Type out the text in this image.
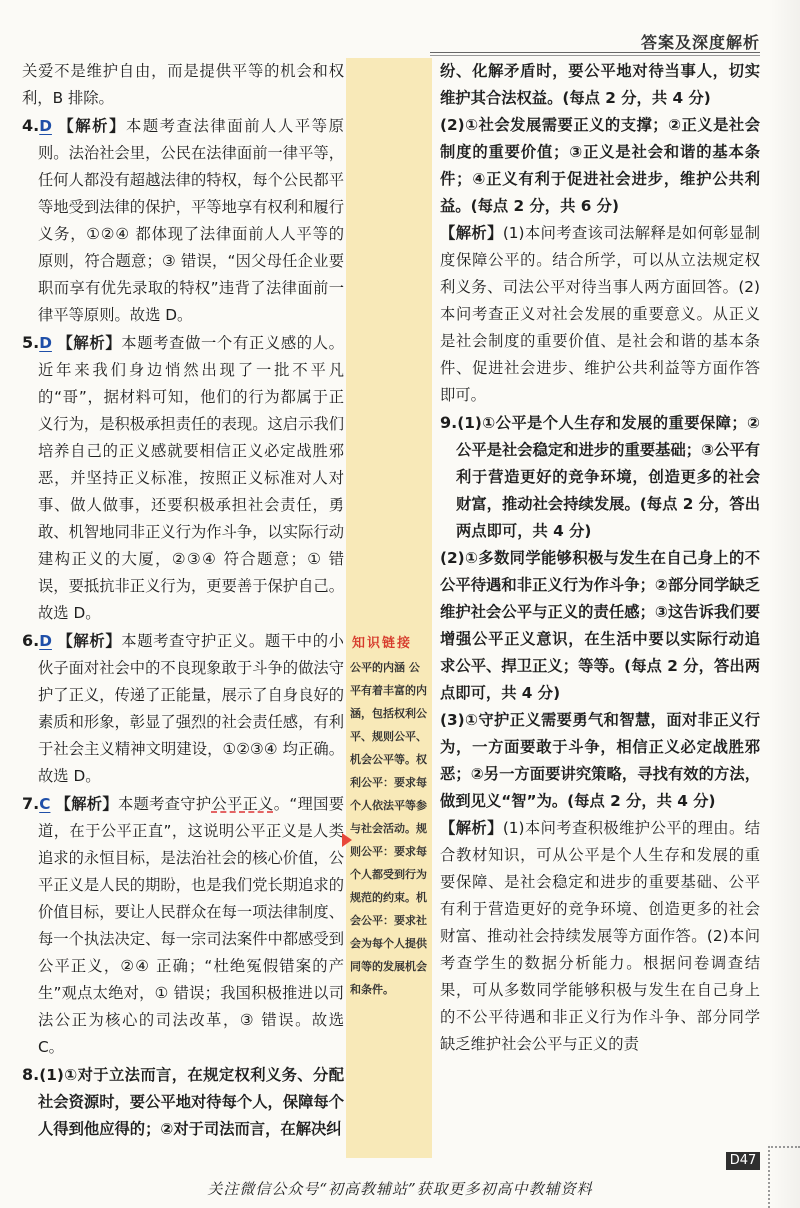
答案及深度解析

关爱不是维护自由，而是提供平等的机会和权利，B 排除。

4.D 【解析】本题考查法律面前人人平等原则。法治社会里，公民在法律面前一律平等，任何人都没有超越法律的特权，每个公民都平等地受到法律的保护，平等地享有权利和履行义务，①②④ 都体现了法律面前人人平等的原则，符合题意；③ 错误，“因父母任企业要职而享有优先录取的特权”违背了法律面前一律平等原则。故选 D。

5.D 【解析】本题考查做一个有正义感的人。近年来我们身边悄然出现了一批不平凡的“哥”，据材料可知，他们的行为都属于正义行为，是积极承担责任的表现。这启示我们培养自己的正义感就要相信正义必定战胜邪恶，并坚持正义标准，按照正义标准对人对事、做人做事，还要积极承担社会责任，勇敢、机智地同非正义行为作斗争，以实际行动建构正义的大厦，②③④ 符合题意；① 错误，要抵抗非正义行为，更要善于保护自己。故选 D。

6.D 【解析】本题考查守护正义。题干中的小伙子面对社会中的不良现象敢于斗争的做法守护了正义，传递了正能量，展示了自身良好的素质和形象，彰显了强烈的社会责任感，有利于社会主义精神文明建设，①②③④ 均正确。故选 D。

7.C 【解析】本题考查守护公平正义。“理国要道，在于公平正直”，这说明公平正义是人类追求的永恒目标，是法治社会的核心价值，公平正义是人民的期盼，也是我们党长期追求的价值目标，要让人民群众在每一项法律制度、每一个执法决定、每一宗司法案件中都感受到公平正义，②④ 正确；“杜绝冤假错案的产生”观点太绝对，① 错误；我国积极推进以司法公正为核心的司法改革，③ 错误。故选 C。

8.(1)①对于立法而言，在规定权利义务、分配社会资源时，要公平地对待每个人，保障每个人得到他应得的；②对于司法而言，在解决纠

知识链接
公平的内涵 公平有着丰富的内涵，包括权利公平、规则公平、机会公平等。权利公平：要求每个人依法平等参与社会活动。规则公平：要求每个人都受到行为规范的约束。机会公平：要求社会为每个人提供同等的发展机会和条件。

纷、化解矛盾时，要公平地对待当事人，切实维护其合法权益。(每点 2 分，共 4 分)

(2)①社会发展需要正义的支撑；②正义是社会制度的重要价值；③正义是社会和谐的基本条件；④正义有利于促进社会进步，维护公共利益。(每点 2 分，共 6 分)

【解析】(1)本问考查该司法解释是如何彰显制度保障公平的。结合所学，可以从立法规定权利义务、司法公平对待当事人两方面回答。(2)本问考查正义对社会发展的重要意义。从正义是社会制度的重要价值、是社会和谐的基本条件、促进社会进步、维护公共利益等方面作答即可。

9.(1)①公平是个人生存和发展的重要保障；②公平是社会稳定和进步的重要基础；③公平有利于营造更好的竞争环境，创造更多的社会财富，推动社会持续发展。(每点 2 分，答出两点即可，共 4 分)

(2)①多数同学能够积极与发生在自己身上的不公平待遇和非正义行为作斗争；②部分同学缺乏维护社会公平与正义的责任感；③这告诉我们要增强公平正义意识，在生活中要以实际行动追求公平、捍卫正义；等等。(每点 2 分，答出两点即可，共 4 分)

(3)①守护正义需要勇气和智慧，面对非正义行为，一方面要敢于斗争，相信正义必定战胜邪恶；②另一方面要讲究策略，寻找有效的方法，做到见义“智”为。(每点 2 分，共 4 分)

【解析】(1)本问考查积极维护公平的理由。结合教材知识，可从公平是个人生存和发展的重要保障、是社会稳定和进步的重要基础、公平有利于营造更好的竞争环境、创造更多的社会财富、推动社会持续发展等方面作答。(2)本问考查学生的数据分析能力。根据问卷调查结果，可从多数同学能够积极与发生在自己身上的不公平待遇和非正义行为作斗争、部分同学缺乏维护社会公平与正义的责

D47
关注微信公众号“初高教辅站”获取更多初高中教辅资料
